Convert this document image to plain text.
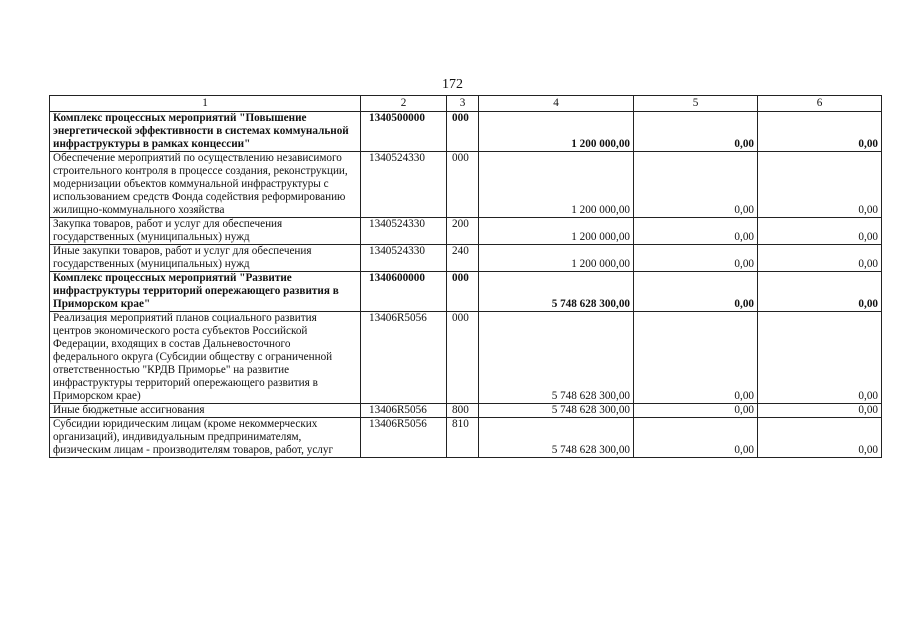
172
1	2	3	4	5	6
Комплекс процессных мероприятий "Повышение энергетической эффективности в системах коммунальной инфраструктуры в рамках концессии"	1340500000	000	1 200 000,00	0,00	0,00
Обеспечение мероприятий по осуществлению независимого строительного контроля в процессе создания, реконструкции, модернизации объектов коммунальной инфраструктуры с использованием средств Фонда содействия реформированию жилищно-коммунального хозяйства	1340524330	000	1 200 000,00	0,00	0,00
Закупка товаров, работ и услуг для обеспечения государственных (муниципальных) нужд	1340524330	200	1 200 000,00	0,00	0,00
Иные закупки товаров, работ и услуг для обеспечения государственных (муниципальных) нужд	1340524330	240	1 200 000,00	0,00	0,00
Комплекс процессных мероприятий "Развитие инфраструктуры территорий опережающего развития в Приморском крае"	1340600000	000	5 748 628 300,00	0,00	0,00
Реализация мероприятий планов социального развития центров экономического роста субъектов Российской Федерации, входящих в состав Дальневосточного федерального округа (Субсидии обществу с ограниченной ответственностью "КРДВ Приморье" на развитие инфраструктуры территорий опережающего развития в Приморском крае)	13406R5056	000	5 748 628 300,00	0,00	0,00
Иные бюджетные ассигнования	13406R5056	800	5 748 628 300,00	0,00	0,00
Субсидии юридическим лицам (кроме некоммерческих организаций), индивидуальным предпринимателям, физическим лицам - производителям товаров, работ, услуг	13406R5056	810	5 748 628 300,00	0,00	0,00
